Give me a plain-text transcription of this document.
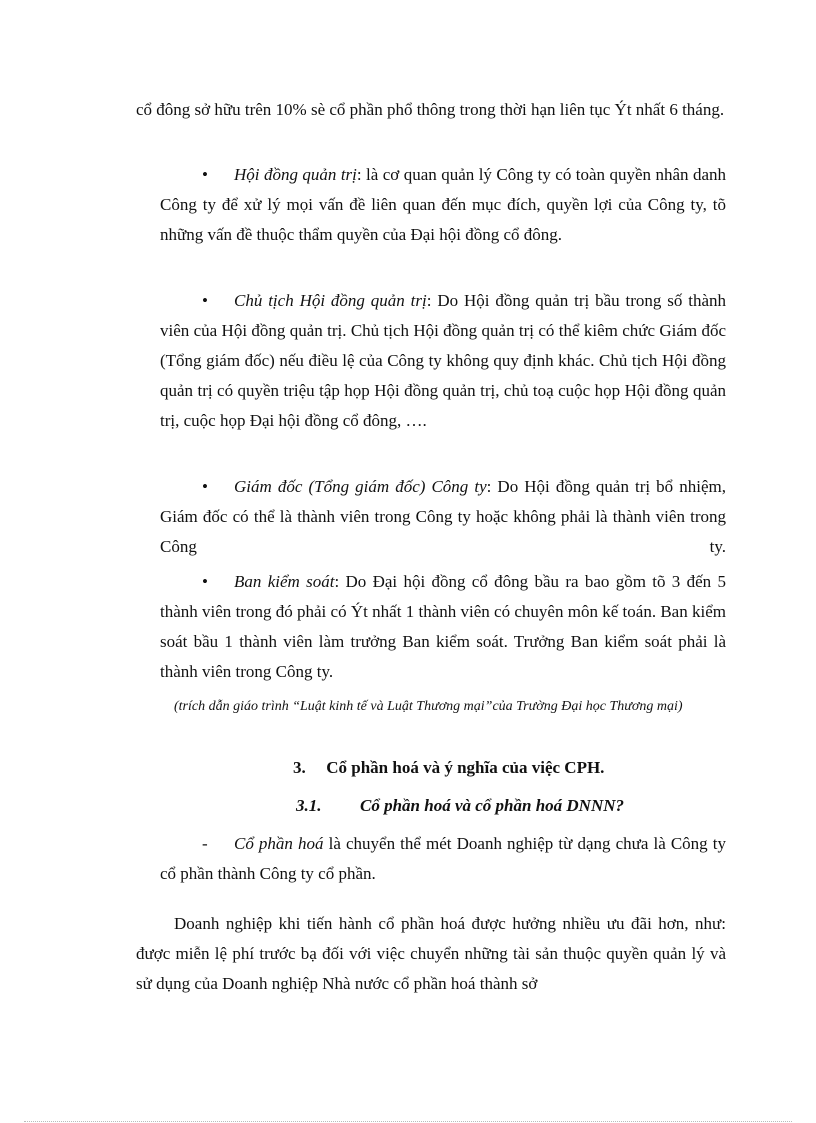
cổ đông sở hữu trên 10% sè cổ phần phổ thông trong thời hạn liên tục Ýt nhất 6 tháng.

•	Hội đồng quản trị: là cơ quan quản lý Công ty có toàn quyền nhân danh Công ty để xử lý mọi vấn đề liên quan đến mục đích, quyền lợi của Công ty, tõ những vấn đề thuộc thẩm quyền của Đại hội đồng cổ đông.
•	Chủ tịch Hội đồng quản trị: Do Hội đồng quản trị bầu trong số thành viên của Hội đồng quản trị. Chủ tịch Hội đồng quản trị có thể kiêm chức Giám đốc (Tổng giám đốc) nếu điều lệ của Công ty không quy định khác. Chủ tịch Hội đồng quản trị có quyền triệu tập họp Hội đồng quản trị, chủ toạ cuộc họp Hội đồng quản trị, cuộc họp Đại hội đồng cổ đông, ….
•	Giám đốc (Tổng giám đốc) Công ty: Do Hội đồng quản trị bổ nhiệm, Giám đốc có thể là thành viên trong Công ty hoặc không phải là thành viên trong Công ty.
•	Ban kiểm soát: Do Đại hội đồng cổ đông bầu ra bao gồm tõ 3 đến 5 thành viên trong đó phải có Ýt nhất 1 thành viên có chuyên môn kế toán. Ban kiểm soát bầu 1 thành viên làm trưởng Ban kiểm soát. Trưởng Ban kiểm soát phải là thành viên trong Công ty.

(trích dẫn giáo trình “Luật kinh tế và Luật Thương mại”của Trường Đại học Thương mại)

3. Cổ phần hoá và ý nghĩa của việc CPH.
3.1. Cổ phần hoá và cổ phần hoá DNNN?
-	Cổ phần hoá là chuyển thể mét Doanh nghiệp từ dạng chưa là Công ty cổ phần thành Công ty cổ phần.

Doanh nghiệp khi tiến hành cổ phần hoá được hưởng nhiều ưu đãi hơn, như: được miễn lệ phí trước bạ đối với việc chuyển những tài sản thuộc quyền quản lý và sử dụng của Doanh nghiệp Nhà nước cổ phần hoá thành sở
